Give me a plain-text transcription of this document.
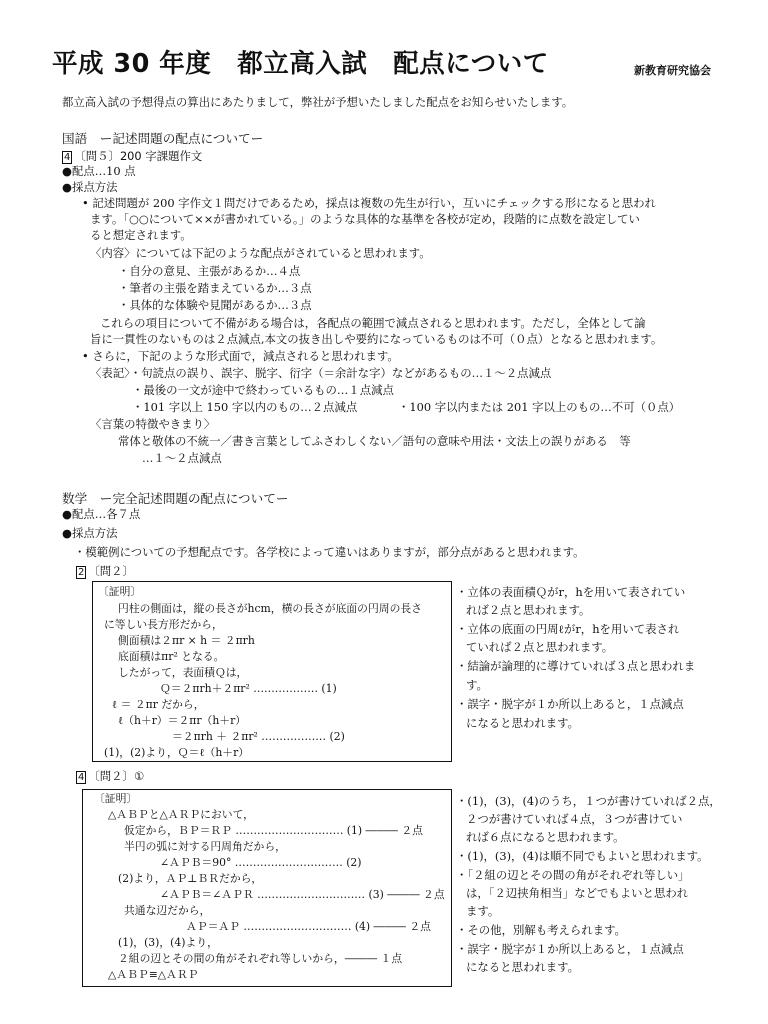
平成 30 年度　都立高入試　配点について	新教育研究協会
都立高入試の予想得点の算出にあたりまして，弊社が予想いたしました配点をお知らせいたします。
国語　ー記述問題の配点についてー
4 〔問５〕200 字課題作文
●配点…10 点
●採点方法
• 記述問題が 200 字作文１問だけであるため，採点は複数の先生が行い，互いにチェックする形になると思われ
ます。「○○について××が書かれている。」のような具体的な基準を各校が定め，段階的に点数を設定してい
ると想定されます。
〈内容〉については下記のような配点がされていると思われます。
・自分の意見、主張があるか…４点
・筆者の主張を踏まえているか…３点
・具体的な体験や見聞があるか…３点
これらの項目について不備がある場合は，各配点の範囲で減点されると思われます。ただし，全体として論
旨に一貫性のないものは２点減点,本文の抜き出しや要約になっているものは不可（０点）となると思われます。
• さらに，下記のような形式面で，減点されると思われます。
〈表記〉・句読点の誤り、誤字、脱字、衍字（＝余計な字）などがあるもの…１～２点減点
・最後の一文が途中で終わっているもの…１点減点
・101 字以上 150 字以内のもの…２点減点	・100 字以内または 201 字以上のもの…不可（０点）
〈言葉の特徴やきまり〉
常体と敬体の不統一／書き言葉としてふさわしくない／語句の意味や用法・文法上の誤りがある　等
…１～２点減点
数学　ー完全記述問題の配点についてー
●配点…各７点
●採点方法
・模範例についての予想配点です。各学校によって違いはありますが，部分点があると思われます。
2 〔問２〕
〔証明〕
円柱の側面は，縦の長さがhcm，横の長さが底面の円周の長さ
に等しい長方形だから，
側面積は２πr × h ＝ ２πrh
底面積はπr² となる。
したがって，表面積Ｑは，
Ｑ＝２πrh＋２πr² ……………… (1)
ℓ ＝ ２πr だから，
ℓ（h＋r）＝２πr（h＋r）
＝２πrh ＋ ２πr² ……………… (2)
(1)，(2)より，Ｑ＝ℓ（h＋r）
・立体の表面積Ｑがr，hを用いて表されてい
れば２点と思われます。
・立体の底面の円周ℓがr，hを用いて表され
ていれば２点と思われます。
・結論が論理的に導けていれば３点と思われま
す。
・誤字・脱字が１か所以上あると，１点減点
になると思われます。
4 〔問２〕①
〔証明〕
△ＡＢＰと△ＡＲＰにおいて，
仮定から，ＢＰ＝ＲＰ ………………………… (1) ――― ２点
半円の弧に対する円周角だから，
∠ＡＰＢ＝90° ………………………… (2)
(2)より，ＡＰ⊥ＢＲだから，
∠ＡＰＢ＝∠ＡＰＲ ………………………… (3) ――― ２点
共通な辺だから，
ＡＰ＝ＡＰ ………………………… (4) ――― ２点
(1)，(3)，(4)より，
２組の辺とその間の角がそれぞれ等しいから，――― １点
△ＡＢＰ≡△ＡＲＰ
・(1)，(3)，(4)のうち，１つが書けていれば２点，
２つが書けていれば４点，３つが書けてい
れば６点になると思われます。
・(1)，(3)，(4)は順不同でもよいと思われます。
・「２組の辺とその間の角がそれぞれ等しい」
は，「２辺挟角相当」などでもよいと思われ
ます。
・その他，別解も考えられます。
・誤字・脱字が１か所以上あると，１点減点
になると思われます。
